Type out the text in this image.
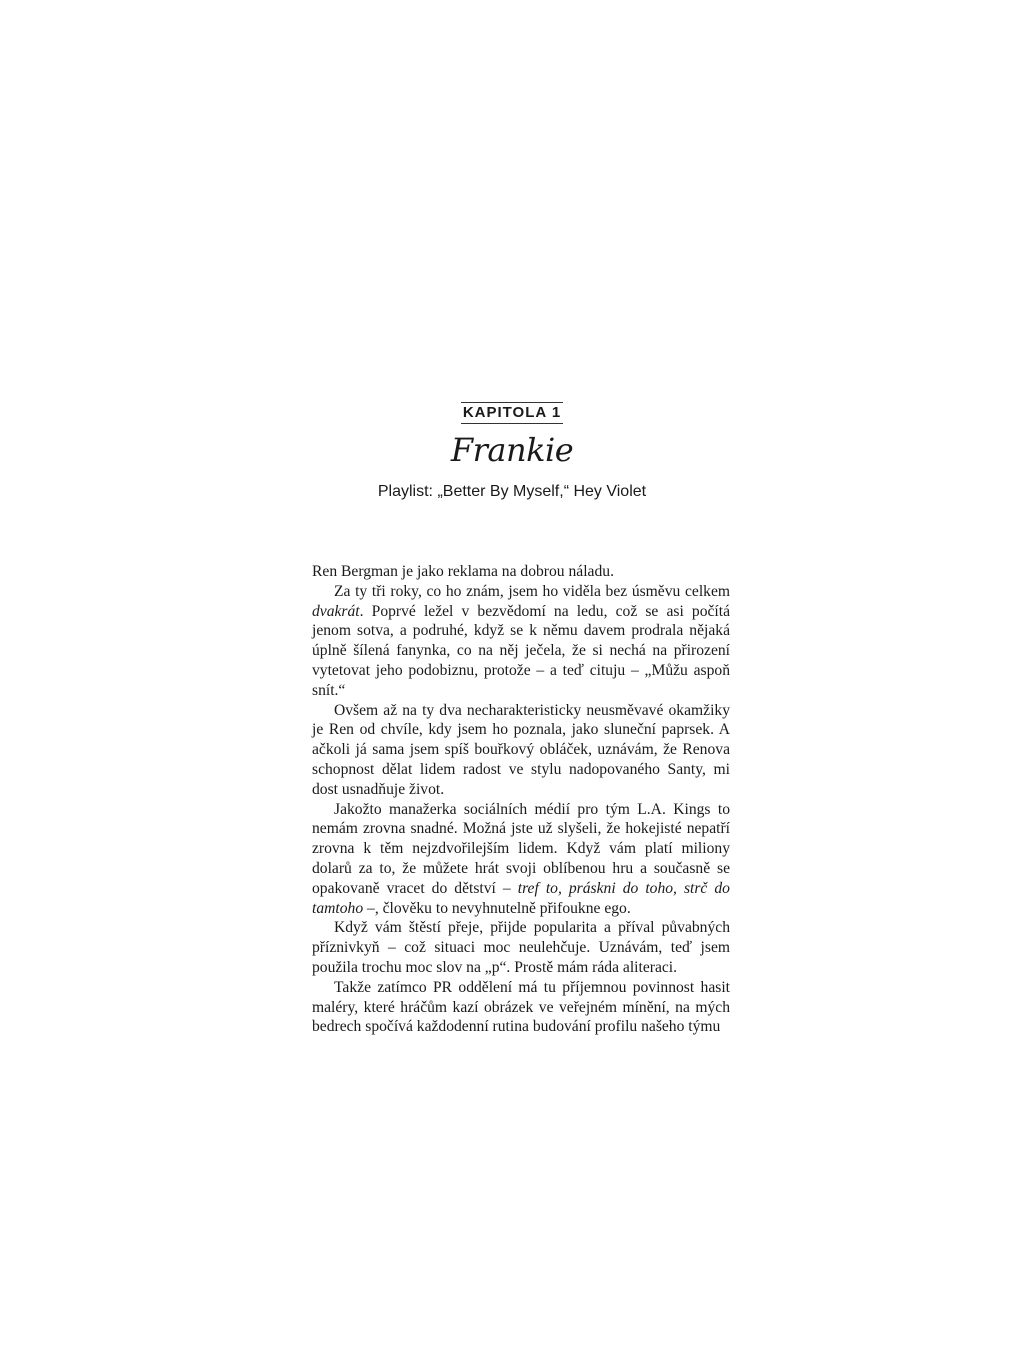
KAPITOLA 1
Frankie
Playlist: „Better By Myself,“ Hey Violet

Ren Bergman je jako reklama na dobrou náladu.

Za ty tři roky, co ho znám, jsem ho viděla bez úsměvu celkem dvakrát. Poprvé ležel v bezvědomí na ledu, což se asi počítá jenom sotva, a podruhé, když se k němu davem prodrala nějaká úplně šílená fanynka, co na něj ječela, že si nechá na přirození vytetovat jeho podobiznu, protože – a teď cituju – „Můžu aspoň snít.“

Ovšem až na ty dva necharakteristicky neusměvavé okamžiky je Ren od chvíle, kdy jsem ho poznala, jako sluneční paprsek. A ačkoli já sama jsem spíš bouřkový obláček, uznávám, že Renova schopnost dělat lidem radost ve stylu nadopovaného Santy, mi dost usnadňuje život.

Jakožto manažerka sociálních médií pro tým L.A. Kings to nemám zrovna snadné. Možná jste už slyšeli, že hokejisté nepatří zrovna k těm nejzdvořilejším lidem. Když vám platí miliony dolarů za to, že můžete hrát svoji oblíbenou hru a současně se opakovaně vracet do dětství – tref to, práskni do toho, strč do tamtoho –, člověku to nevyhnutelně přifoukne ego.

Když vám štěstí přeje, přijde popularita a příval půvabných příznivkyň – což situaci moc neulehčuje. Uznávám, teď jsem použila trochu moc slov na „p“. Prostě mám ráda aliteraci.

Takže zatímco PR oddělení má tu příjemnou povinnost hasit maléry, které hráčům kazí obrázek ve veřejném mínění, na mých bedrech spočívá každodenní rutina budování profilu našeho týmu
